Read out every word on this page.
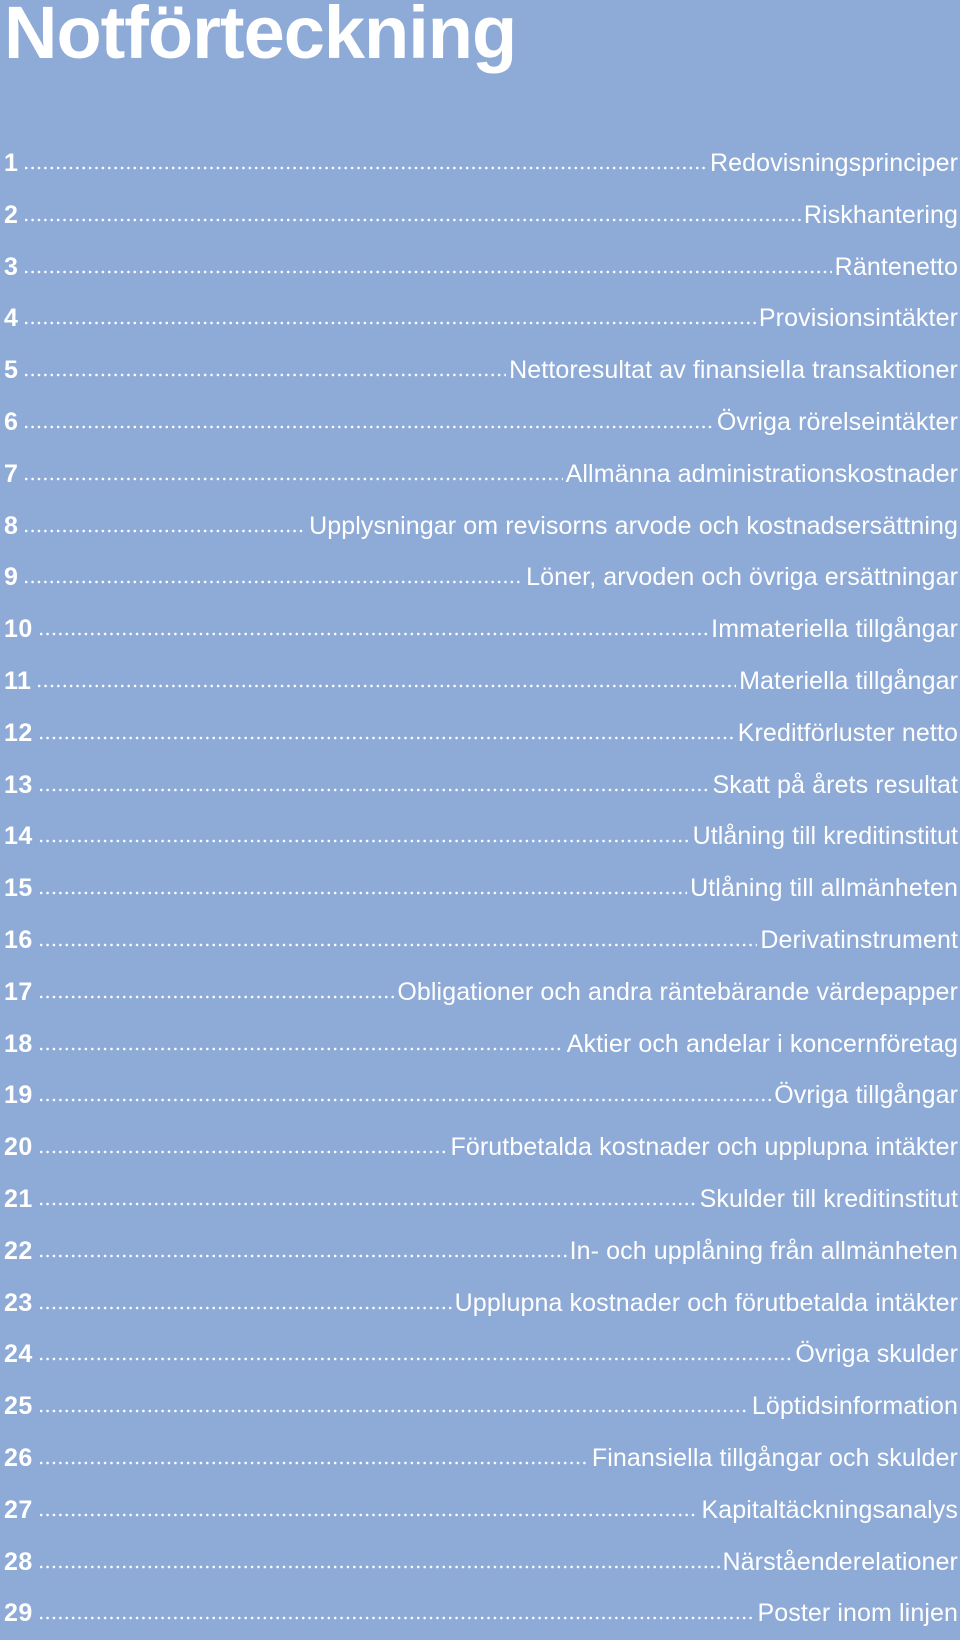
Notförteckning
1	Redovisningsprinciper
2	Riskhantering
3	Räntenetto
4	Provisionsintäkter
5	Nettoresultat av finansiella transaktioner
6	Övriga rörelseintäkter
7	Allmänna administrationskostnader
8	Upplysningar om revisorns arvode och kostnadsersättning
9	Löner, arvoden och övriga ersättningar
10	Immateriella tillgångar
11	Materiella tillgångar
12	Kreditförluster netto
13	Skatt på årets resultat
14	Utlåning till kreditinstitut
15	Utlåning till allmänheten
16	Derivatinstrument
17	Obligationer och andra räntebärande värdepapper
18	Aktier och andelar i koncernföretag
19	Övriga tillgångar
20	Förutbetalda kostnader och upplupna intäkter
21	Skulder till kreditinstitut
22	In- och upplåning från allmänheten
23	Upplupna kostnader och förutbetalda intäkter
24	Övriga skulder
25	Löptidsinformation
26	Finansiella tillgångar och skulder
27	Kapitaltäckningsanalys
28	Närståenderelationer
29	Poster inom linjen
